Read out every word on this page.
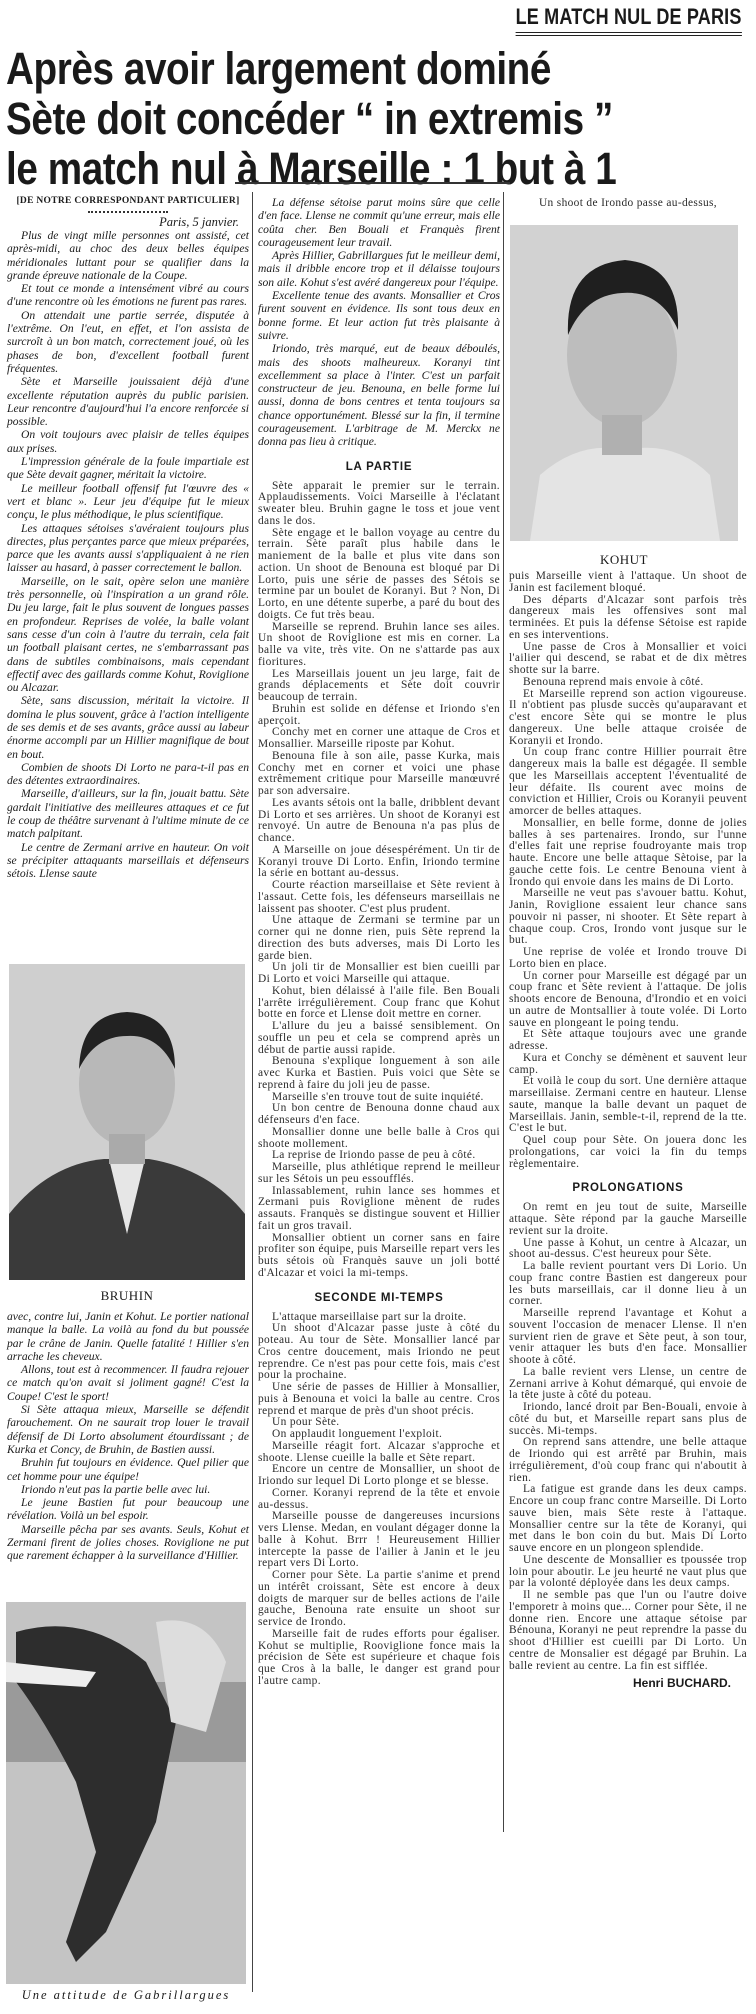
LE MATCH NUL DE PARIS
Après avoir largement dominé
Sète doit concéder “ in extremis ”
le match nul à Marseille : 1 but à 1
[DE NOTRE CORRESPONDANT PARTICULIER]
Paris, 5 janvier.

Plus de vingt mille personnes ont assisté, cet après-midi, au choc des deux belles équipes méridionales luttant pour se qualifier dans la grande épreuve nationale de la Coupe.

Et tout ce monde a intensément vibré au cours d'une rencontre où les émotions ne furent pas rares.

On attendait une partie serrée, disputée à l'extrême. On l'eut, en effet, et l'on assista de surcroît à un bon match, correctement joué, où les phases de bon, d'excellent football furent fréquentes.

Sète et Marseille jouissaient déjà d'une excellente réputation auprès du public parisien. Leur rencontre d'aujourd'hui l'a encore renforcée si possible.

On voit toujours avec plaisir de telles équipes aux prises.

L'impression générale de la foule impartiale est que Sète devait gagner, méritait la victoire.

Le meilleur football offensif fut l'œuvre des « vert et blanc ». Leur jeu d'équipe fut le mieux conçu, le plus méthodique, le plus scientifique.

Les attaques sétoises s'avéraient toujours plus directes, plus perçantes parce que mieux préparées, parce que les avants aussi s'appliquaient à ne rien laisser au hasard, à passer correctement le ballon.

Marseille, on le sait, opère selon une manière très personnelle, où l'inspiration a un grand rôle. Du jeu large, fait le plus souvent de longues passes en profondeur. Reprises de volée, la balle volant sans cesse d'un coin à l'autre du terrain, cela fait un football plaisant certes, ne s'embarrassant pas dans de subtiles combinaisons, mais cependant effectif avec des gaillards comme Kohut, Roviglione ou Alcazar.

Sète, sans discussion, méritait la victoire. Il domina le plus souvent, grâce à l'action intelligente de ses demis et de ses avants, grâce aussi au labeur énorme accompli par un Hillier magnifique de bout en bout.

Combien de shoots Di Lorto ne para-t-il pas en des détentes extraordinaires.

Marseille, d'ailleurs, sur la fin, jouait battu. Sète gardait l'initiative des meilleures attaques et ce fut le coup de théâtre survenant à l'ultime minute de ce match palpitant.

Le centre de Zermani arrive en hauteur. On voit se précipiter attaquants marseillais et défenseurs sétois. Llense saute

BRUHIN

avec, contre lui, Janin et Kohut. Le portier national manque la balle. La voilà au fond du but poussée par le crâne de Janin. Quelle fatalité ! Hillier s'en arrache les cheveux.

Allons, tout est à recommencer. Il faudra rejouer ce match qu'on avait si joliment gagné! C'est la Coupe! C'est le sport!

Si Sète attaqua mieux, Marseille se défendit farouchement. On ne saurait trop louer le travail défensif de Di Lorto absolument étourdissant ; de Kurka et Concy, de Bruhin, de Bastien aussi.

Bruhin fut toujours en évidence. Quel pilier que cet homme pour une équipe!

Iriondo n'eut pas la partie belle avec lui.

Le jeune Bastien fut pour beaucoup une révélation. Voilà un bel espoir.

Marseille pêcha par ses avants. Seuls, Kohut et Zermani firent de jolies choses. Roviglione ne put que rarement échapper à la surveillance d'Hillier.

Une attitude de Gabrillargues

La défense sétoise parut moins sûre que celle d'en face. Llense ne commit qu'une erreur, mais elle coûta cher. Ben Bouali et Franquès firent courageusement leur travail.

Après Hillier, Gabrillargues fut le meilleur demi, mais il dribble encore trop et il délaisse toujours son aile. Kohut s'est avéré dangereux pour l'équipe.

Excellente tenue des avants. Monsallier et Cros furent souvent en évidence. Ils sont tous deux en bonne forme. Et leur action fut très plaisante à suivre.

Iriondo, très marqué, eut de beaux déboulés, mais des shoots malheureux. Koranyi tint excellemment sa place à l'inter. C'est un parfait constructeur de jeu. Benouna, en belle forme lui aussi, donna de bons centres et tenta toujours sa chance opportunément. Blessé sur la fin, il termine courageusement. L'arbitrage de M. Merckx ne donna pas lieu à critique.

LA PARTIE

Sète apparait le premier sur le terrain. Applaudissements. Voici Marseille à l'éclatant sweater bleu. Bruhin gagne le toss et joue vent dans le dos.

Sète engage et le ballon voyage au centre du terrain. Sète paraît plus habile dans le maniement de la balle et plus vite dans son action. Un shoot de Benouna est bloqué par Di Lorto, puis une série de passes des Sétois se termine par un boulet de Koranyi. But ? Non, Di Lorto, en une détente superbe, a paré du bout des doigts. Ce fut très beau.

Marseille se reprend. Bruhin lance ses ailes. Un shoot de Roviglione est mis en corner. La balle va vite, très vite. On ne s'attarde pas aux fioritures.

Les Marseillais jouent un jeu large, fait de grands déplacements et Sète doit couvrir beaucoup de terrain.

Bruhin est solide en défense et Iriondo s'en aperçoit.

Conchy met en corner une attaque de Cros et Monsallier. Marseille riposte par Kohut.

Benouna file à son aile, passe Kurka, mais Conchy met en corner et voici une phase extrêmement critique pour Marseille manœuvré par son adversaire.

Les avants sétois ont la balle, dribblent devant Di Lorto et ses arrières. Un shoot de Koranyi est renvoyé. Un autre de Benouna n'a pas plus de chance.

A Marseille on joue désespérément. Un tir de Koranyi trouve Di Lorto. Enfin, Iriondo termine la série en bottant au-dessus.

Courte réaction marseillaise et Sète revient à l'assaut. Cette fois, les défenseurs marseillais ne laissent pas shooter. C'est plus prudent.

Une attaque de Zermani se termine par un corner qui ne donne rien, puis Sète reprend la direction des buts adverses, mais Di Lorto les garde bien.

Un joli tir de Monsallier est bien cueilli par Di Lorto et voici Marseille qui attaque.

Kohut, bien délaissé à l'aile file. Ben Bouali l'arrête irrégulièrement. Coup franc que Kohut botte en force et Llense doit mettre en corner.

L'allure du jeu a baissé sensiblement. On souffle un peu et cela se comprend après un début de partie aussi rapide.

Benouna s'explique longuement à son aile avec Kurka et Bastien. Puis voici que Sète se reprend à faire du joli jeu de passe.

Marseille s'en trouve tout de suite inquiété.

Un bon centre de Benouna donne chaud aux défenseurs d'en face.

Monsallier donne une belle balle à Cros qui shoote mollement.

La reprise de Iriondo passe de peu à côté.

Marseille, plus athlétique reprend le meilleur sur les Sétois un peu essoufflés.

Inlassablement, ruhin lance ses hommes et Zermani puis Roviglione mènent de rudes assauts. Franquès se distingue souvent et Hillier fait un gros travail.

Monsallier obtient un corner sans en faire profiter son équipe, puis Marseille repart vers les buts sétois où Franquès sauve un joli botté d'Alcazar et voici la mi-temps.

SECONDE MI-TEMPS

L'attaque marseillaise part sur la droite.

Un shoot d'Alcazar passe juste à côté du poteau. Au tour de Sète. Monsallier lancé par Cros centre doucement, mais Iriondo ne peut reprendre. Ce n'est pas pour cette fois, mais c'est pour la prochaine.

Une série de passes de Hillier à Monsallier, puis à Benouna et voici la balle au centre. Cros reprend et marque de près d'un shoot précis.

Un pour Sète.

On applaudit longuement l'exploit.

Marseille réagit fort. Alcazar s'approche et shoote. Llense cueille la balle et Sète repart.

Encore un centre de Monsallier, un shoot de Iriondo sur lequel Di Lorto plonge et se blesse.

Corner. Koranyi reprend de la tête et envoie au-dessus.

Marseille pousse de dangereuses incursions vers Llense. Medan, en voulant dégager donne la balle à Kohut. Brrr ! Heureusement Hillier intercepte la passe de l'ailier à Janin et le jeu repart vers Di Lorto.

Corner pour Sète. La partie s'anime et prend un intérêt croissant, Sète est encore à deux doigts de marquer sur de belles actions de l'aile gauche, Benouna rate ensuite un shoot sur service de Irondo.

Marseille fait de rudes efforts pour égaliser. Kohut se multiplie, Rooviglione fonce mais la précision de Sète est supérieure et chaque fois que Cros à la balle, le danger est grand pour l'autre camp.

Un shoot de Irondo passe au-dessus,
KOHUT

puis Marseille vient à l'attaque. Un shoot de Janin est facilement bloqué.

Des départs d'Alcazar sont parfois très dangereux mais les offensives sont mal terminées. Et puis la défense Sétoise est rapide en ses interventions.

Une passe de Cros à Monsallier et voici l'ailier qui descend, se rabat et de dix mètres shotte sur la barre.

Benouna reprend mais envoie à côté.

Et Marseille reprend son action vigoureuse. Il n'obtient pas plusde succès qu'auparavant et c'est encore Sète qui se montre le plus dangereux. Une belle attaque croisée de Koranyii et Irondo.

Un coup franc contre Hillier pourrait être dangereux mais la balle est dégagée. Il semble que les Marseillais acceptent l'éventualité de leur défaite. Ils courent avec moins de conviction et Hillier, Crois ou Koranyii peuvent amorcer de belles attaques.

Monsallier, en belle forme, donne de jolies balles à ses partenaires. Irondo, sur l'unne d'elles fait une reprise foudroyante mais trop haute. Encore une belle attaque Sètoise, par la gauche cette fois. Le centre Benouna vient à Irondo qui envoie dans les mains de Di Lorto.

Marseille ne veut pas s'avouer battu. Kohut, Janin, Roviglione essaient leur chance sans pouvoir ni passer, ni shooter. Et Sète repart à chaque coup. Cros, Irondo vont jusque sur le but.

Une reprise de volée et Irondo trouve Di Lorto bien en place.

Un corner pour Marseille est dégagé par un coup franc et Sète revient à l'attaque. De jolis shoots encore de Benouna, d'Irondio et en voici un autre de Montsallier à toute volée. Di Lorto sauve en plongeant le poing tendu.

Et Sète attaque toujours avec une grande adresse.

Kura et Conchy se démènent et sauvent leur camp.

Et voilà le coup du sort. Une dernière attaque marseillaise. Zermani centre en hauteur. Llense saute, manque la balle devant un paquet de Marseillais. Janin, semble-t-il, reprend de la tte. C'est le but.

Quel coup pour Sète. On jouera donc les prolongations, car voici la fin du temps règlementaire.

PROLONGATIONS

On remt en jeu tout de suite, Marseille attaque. Sète répond par la gauche Marseille revient sur la droite.

Une passe à Kohut, un centre à Alcazar, un shoot au-dessus. C'est heureux pour Sète.

La balle revient pourtant vers Di Lorio. Un coup franc contre Bastien est dangereux pour les buts marseillais, car il donne lieu à un corner.

Marseille reprend l'avantage et Kohut a souvent l'occasion de menacer Llense. Il n'en survient rien de grave et Sète peut, à son tour, venir attaquer les buts d'en face. Monsallier shoote à côté.

La balle revient vers Llense, un centre de Zernani arrive à Kohut démarqué, qui envoie de la tête juste à côté du poteau.

Iriondo, lancé droit par Ben-Bouali, envoie à côté du but, et Marseille repart sans plus de succès. Mi-temps.

On reprend sans attendre, une belle attaque de Iriondo qui est arrêté par Bruhin, mais irrégulièrement, d'où coup franc qui n'aboutit à rien.

La fatigue est grande dans les deux camps. Encore un coup franc contre Marseille. Di Lorto sauve bien, mais Sète reste à l'attaque. Monsallier centre sur la tête de Koranyi, qui met dans le bon coin du but. Mais Di Lorto sauve encore en un plongeon splendide.

Une descente de Monsallier es tpoussée trop loin pour aboutir. Le jeu heurté ne vaut plus que par la volonté déployée dans les deux camps.

Il ne semble pas que l'un ou l'autre doive l'emporetr à moins que... Corner pour Sète, il ne donne rien. Encore une attaque sétoise par Bénouna, Koranyi ne peut reprendre la passe du shoot d'Hillier est cueilli par Di Lorto. Un centre de Monsalier est dégagé par Bruhin. La balle revient au centre. La fin est sifflée.

Henri BUCHARD.
